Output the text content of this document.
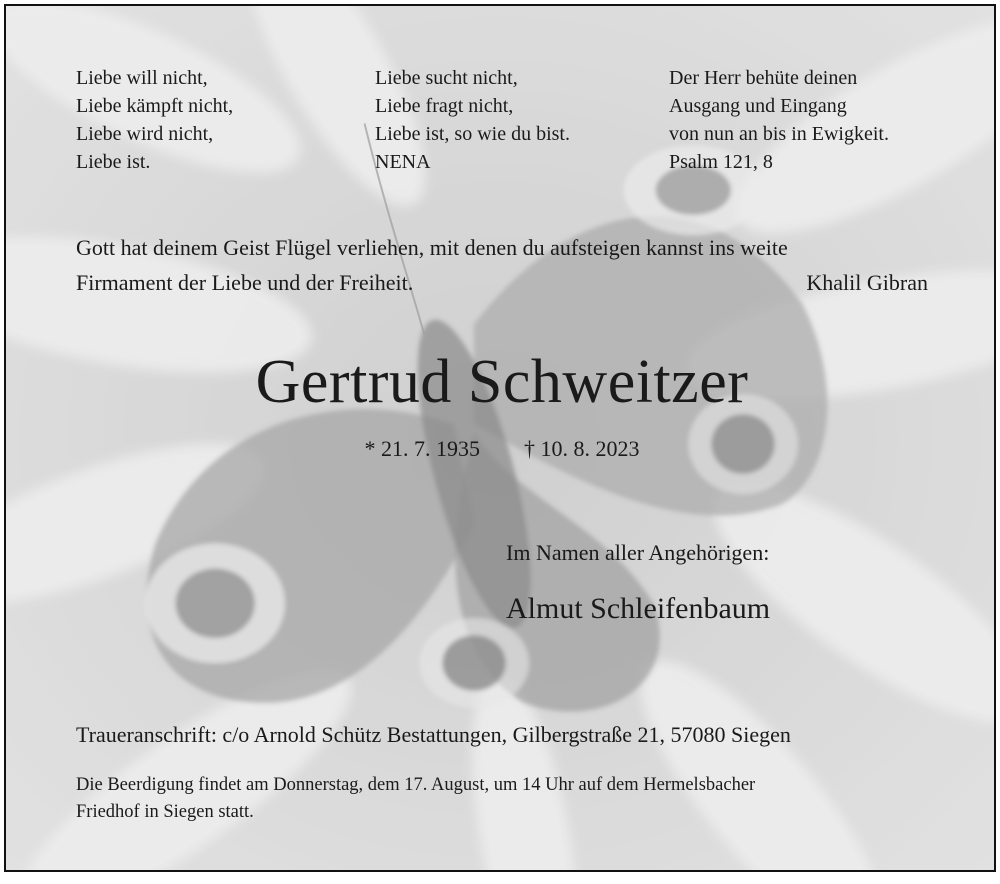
Liebe will nicht,
Liebe kämpft nicht,
Liebe wird nicht,
Liebe ist.
Liebe sucht nicht,
Liebe fragt nicht,
Liebe ist, so wie du bist.
NENA
Der Herr behüte deinen
Ausgang und Eingang
von nun an bis in Ewigkeit.
Psalm 121, 8
Gott hat deinem Geist Flügel verliehen, mit denen du aufsteigen kannst ins weite
Firmament der Liebe und der Freiheit.	Khalil Gibran
Gertrud Schweitzer
* 21. 7. 1935 † 10. 8. 2023
Im Namen aller Angehörigen:
Almut Schleifenbaum
Traueranschrift: c/o Arnold Schütz Bestattungen, Gilbergstraße 21, 57080 Siegen
Die Beerdigung findet am Donnerstag, dem 17. August, um 14 Uhr auf dem Hermelsbacher
Friedhof in Siegen statt.
